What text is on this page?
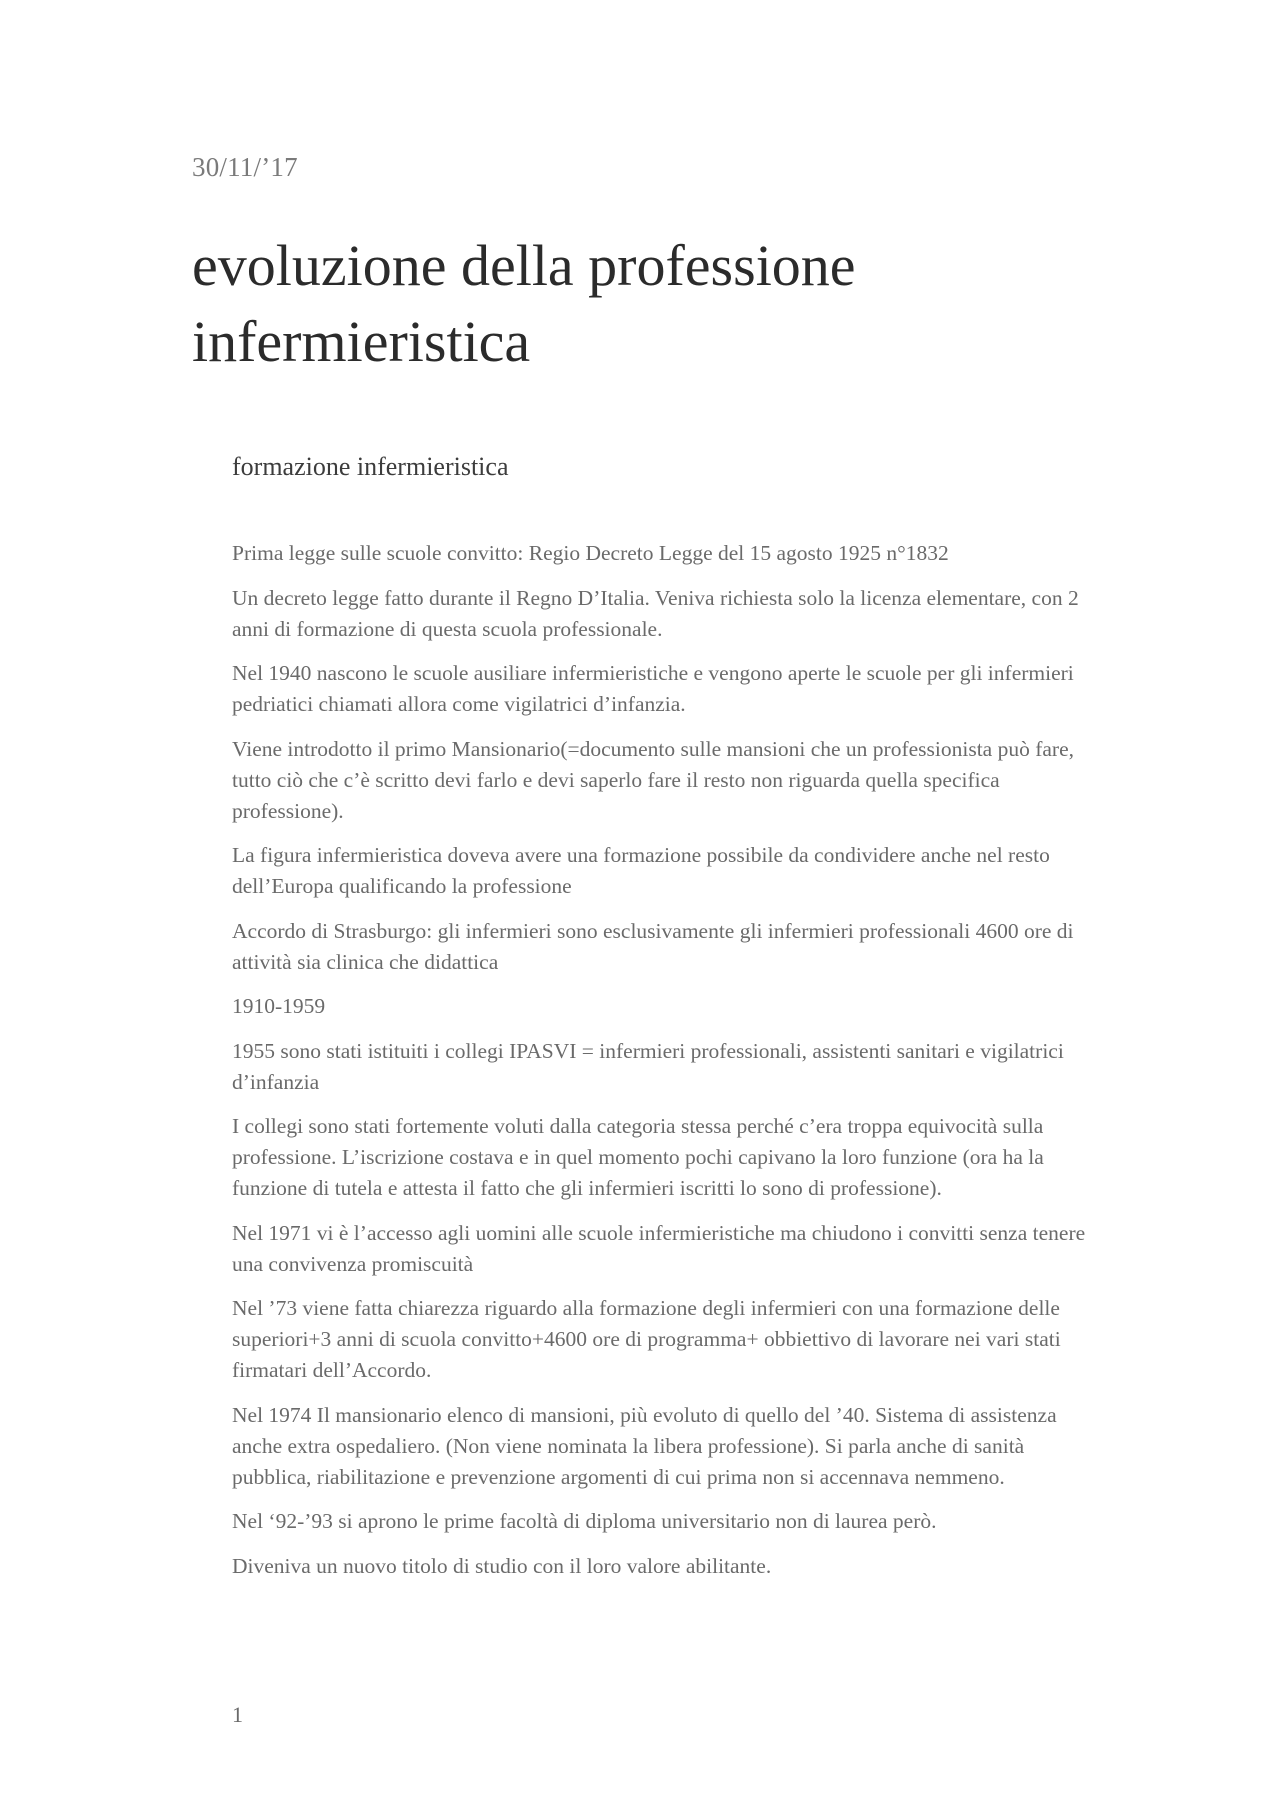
30/11/’17
evoluzione della professione infermieristica
formazione infermieristica

Prima legge sulle scuole convitto: Regio Decreto Legge del 15 agosto 1925 n°1832

Un decreto legge fatto durante il Regno D’Italia. Veniva richiesta solo la licenza elementare, con 2 anni di formazione di questa scuola professionale.

Nel 1940 nascono le scuole ausiliare infermieristiche e vengono aperte le scuole per gli infermieri pedriatici chiamati allora come vigilatrici d’infanzia.

Viene introdotto il primo Mansionario(=documento sulle mansioni che un professionista può fare, tutto ciò che c’è scritto devi farlo e devi saperlo fare il resto non riguarda quella specifica professione).

La figura infermieristica doveva avere una formazione possibile da condividere anche nel resto dell’Europa qualificando la professione

Accordo di Strasburgo: gli infermieri sono esclusivamente gli infermieri professionali 4600 ore di attività sia clinica che didattica

1910-1959

1955 sono stati istituiti i collegi IPASVI = infermieri professionali, assistenti sanitari e vigilatrici d’infanzia

I collegi sono stati fortemente voluti dalla categoria stessa perché c’era troppa equivocità sulla professione. L’iscrizione costava e in quel momento pochi capivano la loro funzione (ora ha la funzione di tutela e attesta il fatto che gli infermieri iscritti lo sono di professione).

Nel 1971 vi è l’accesso agli uomini alle scuole infermieristiche ma chiudono i convitti senza tenere una convivenza promiscuità

Nel ’73 viene fatta chiarezza riguardo alla formazione degli infermieri con una formazione delle superiori+3 anni di scuola convitto+4600 ore di programma+ obbiettivo di lavorare nei vari stati firmatari dell’Accordo.

Nel 1974 Il mansionario elenco di mansioni, più evoluto di quello del ’40. Sistema di assistenza anche extra ospedaliero. (Non viene nominata la libera professione). Si parla anche di sanità pubblica, riabilitazione e prevenzione argomenti di cui prima non si accennava nemmeno.

Nel ‘92-’93 si aprono le prime facoltà di diploma universitario non di laurea però.

Diveniva un nuovo titolo di studio con il loro valore abilitante.

1
